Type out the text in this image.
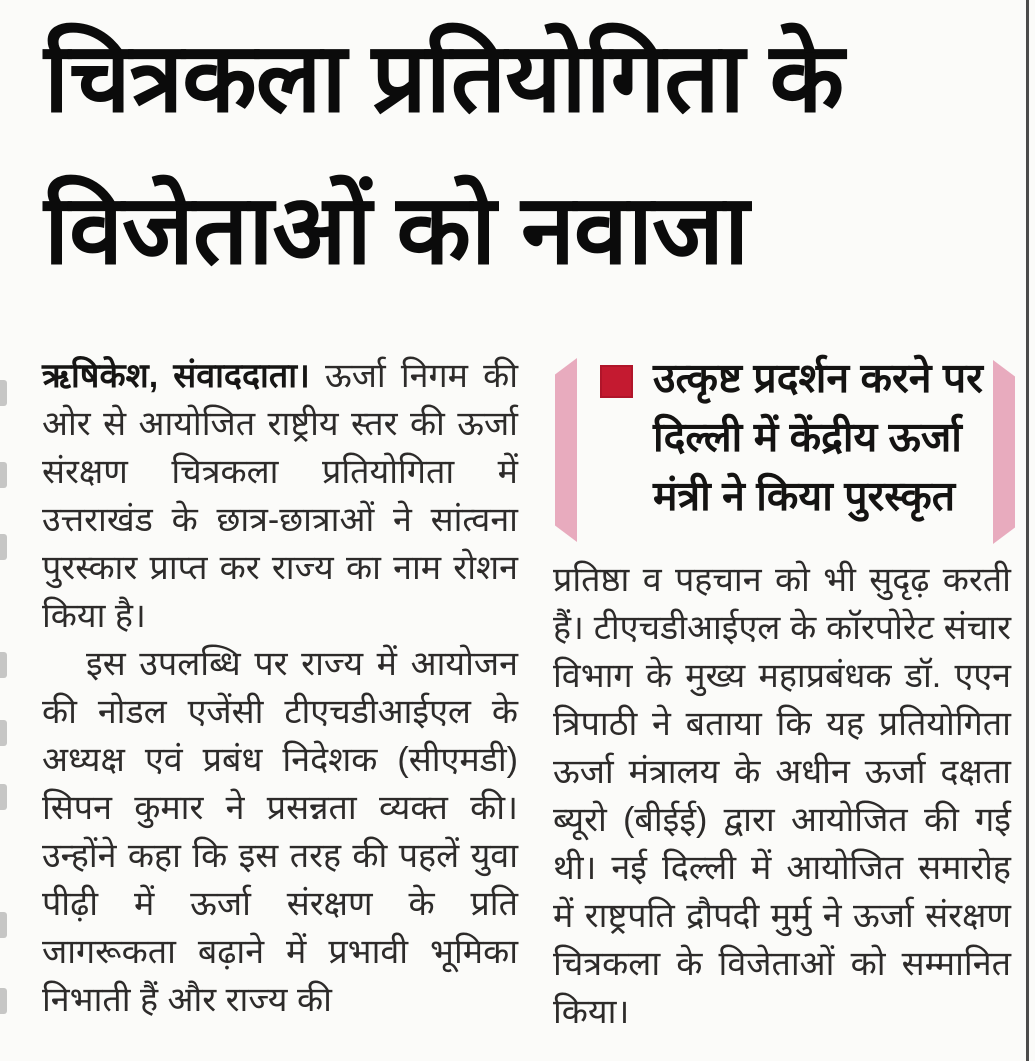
चित्रकला प्रतियोगिता के
विजेताओं को नवाजा

ऋषिकेश, संवाददाता। ऊर्जा निगम की ओर से आयोजित राष्ट्रीय स्तर की ऊर्जा संरक्षण चित्रकला प्रतियोगिता में उत्तराखंड के छात्र-छात्राओं ने सांत्वना पुरस्कार प्राप्त कर राज्य का नाम रोशन किया है।

इस उपलब्धि पर राज्य में आयोजन की नोडल एजेंसी टीएचडीआईएल के अध्यक्ष एवं प्रबंध निदेशक (सीएमडी) सिपन कुमार ने प्रसन्नता व्यक्त की। उन्होंने कहा कि इस तरह की पहलें युवा पीढ़ी में ऊर्जा संरक्षण के प्रति जागरूकता बढ़ाने में प्रभावी भूमिका निभाती हैं और राज्य की

उत्कृष्ट प्रदर्शन करने पर दिल्ली में केंद्रीय ऊर्जा मंत्री ने किया पुरस्कृत

प्रतिष्ठा व पहचान को भी सुदृढ़ करती हैं। टीएचडीआईएल के कॉरपोरेट संचार विभाग के मुख्य महाप्रबंधक डॉ. एएन त्रिपाठी ने बताया कि यह प्रतियोगिता ऊर्जा मंत्रालय के अधीन ऊर्जा दक्षता ब्यूरो (बीईई) द्वारा आयोजित की गई थी। नई दिल्ली में आयोजित समारोह में राष्ट्रपति द्रौपदी मुर्मु ने ऊर्जा संरक्षण चित्रकला के विजेताओं को सम्मानित किया।
